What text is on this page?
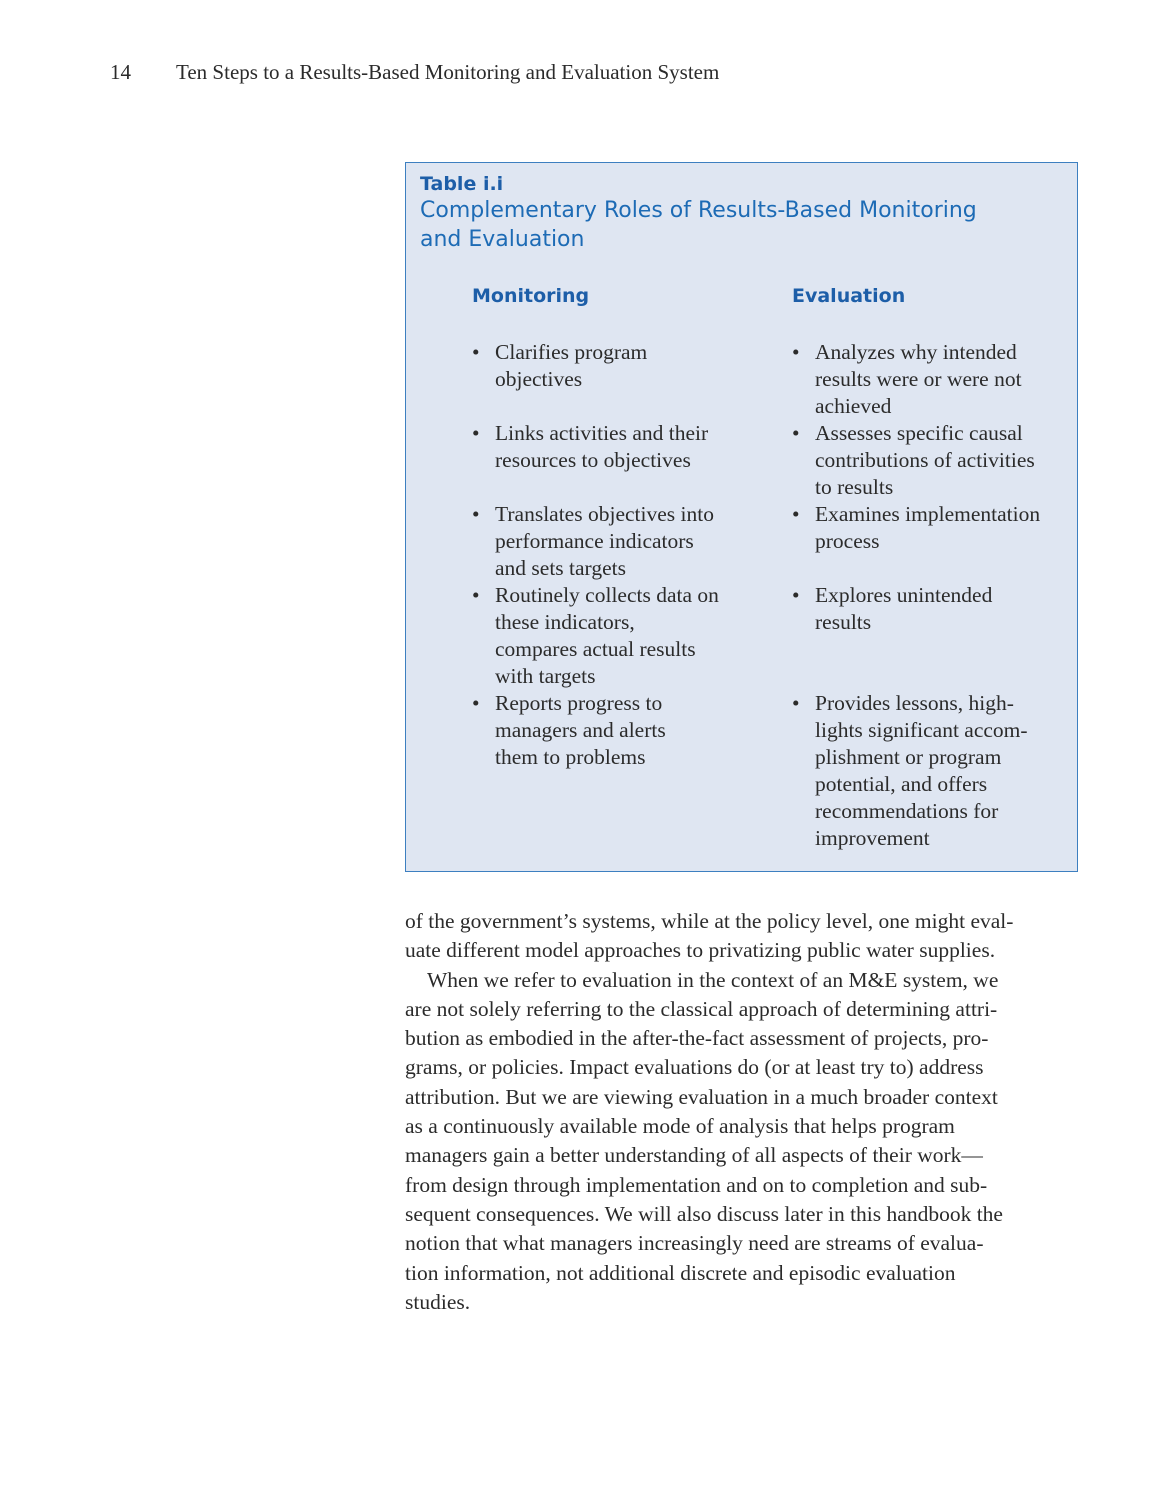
14 Ten Steps to a Results-Based Monitoring and Evaluation System
Table i.i
Complementary Roles of Results-Based Monitoring
and Evaluation
Monitoring	Evaluation
• Clarifies program
objectives
• Links activities and their
resources to objectives
• Translates objectives into
performance indicators
and sets targets
• Routinely collects data on
these indicators,
compares actual results
with targets
• Reports progress to
managers and alerts
them to problems
• Analyzes why intended
results were or were not
achieved
• Assesses specific causal
contributions of activities
to results
• Examines implementation
process
• Explores unintended
results
• Provides lessons, high-
lights significant accom-
plishment or program
potential, and offers
recommendations for
improvement

of the government’s systems, while at the policy level, one might eval-
uate different model approaches to privatizing public water supplies.

When we refer to evaluation in the context of an M&E system, we
are not solely referring to the classical approach of determining attri-
bution as embodied in the after-the-fact assessment of projects, pro-
grams, or policies. Impact evaluations do (or at least try to) address
attribution. But we are viewing evaluation in a much broader context
as a continuously available mode of analysis that helps program
managers gain a better understanding of all aspects of their work—
from design through implementation and on to completion and sub-
sequent consequences. We will also discuss later in this handbook the
notion that what managers increasingly need are streams of evalua-
tion information, not additional discrete and episodic evaluation
studies.
